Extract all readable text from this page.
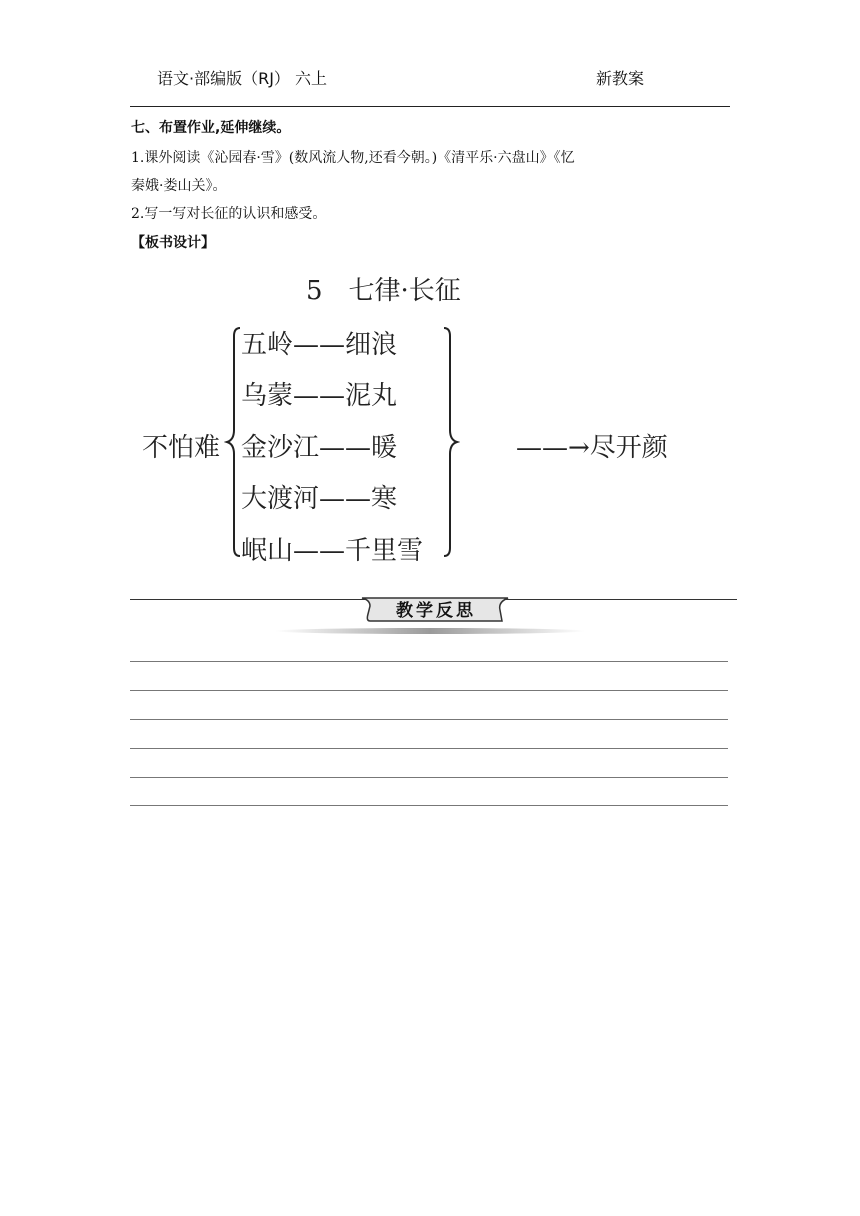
语文·部编版（RJ） 六上	新教案
七、布置作业,延伸继续。
1.课外阅读《沁园春·雪》(数风流人物,还看今朝。)《清平乐·六盘山》《忆
秦娥·娄山关》。
2.写一写对长征的认识和感受。
【板书设计】
5　七律·长征
不怕难
五岭——细浪
乌蒙——泥丸
金沙江——暖
大渡河——寒
岷山——千里雪
——→尽开颜
教学反思
